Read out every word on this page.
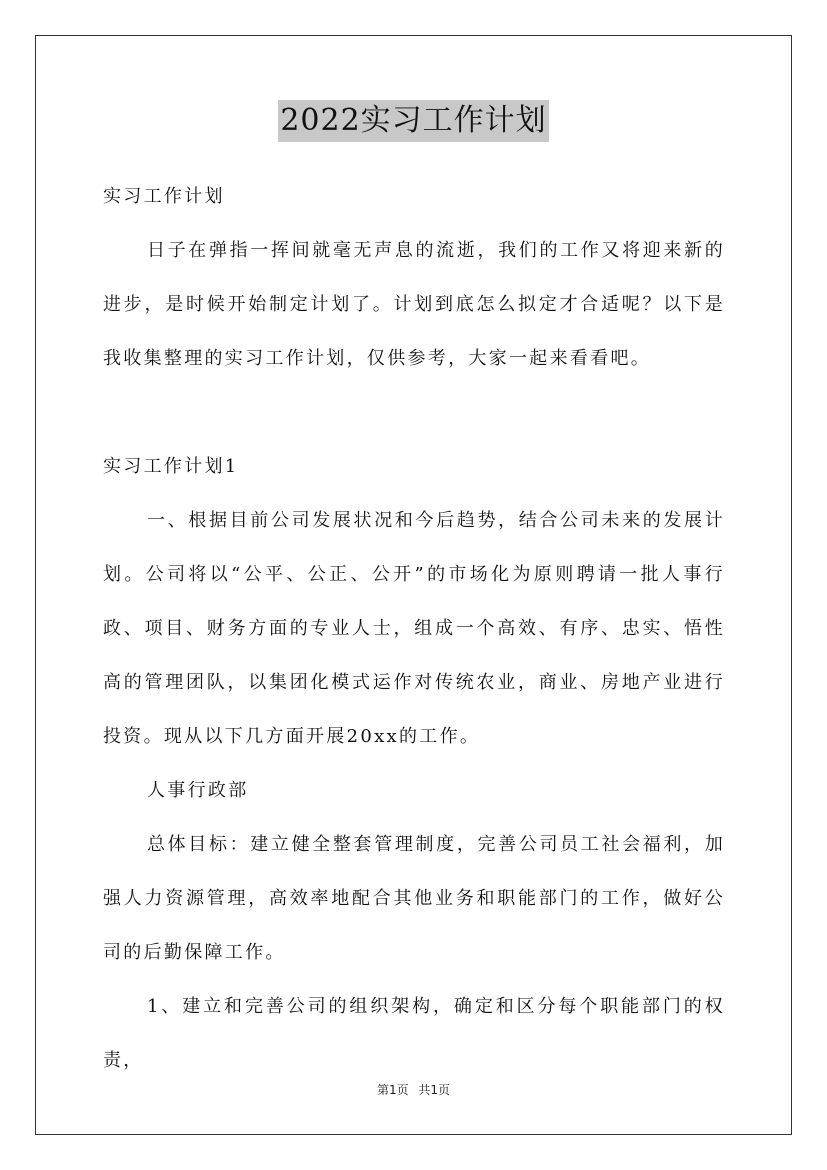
2022实习工作计划

实习工作计划

日子在弹指一挥间就毫无声息的流逝，我们的工作又将迎来新的进步，是时候开始制定计划了。计划到底怎么拟定才合适呢？以下是我收集整理的实习工作计划，仅供参考，大家一起来看看吧。

实习工作计划1

一、根据目前公司发展状况和今后趋势，结合公司未来的发展计划。公司将以“公平、公正、公开”的市场化为原则聘请一批人事行政、项目、财务方面的专业人士，组成一个高效、有序、忠实、悟性高的管理团队，以集团化模式运作对传统农业，商业、房地产业进行投资。现从以下几方面开展20xx的工作。

人事行政部

总体目标：建立健全整套管理制度，完善公司员工社会福利，加强人力资源管理，高效率地配合其他业务和职能部门的工作，做好公司的后勤保障工作。

1、建立和完善公司的组织架构，确定和区分每个职能部门的权责，

第1页 共1页
